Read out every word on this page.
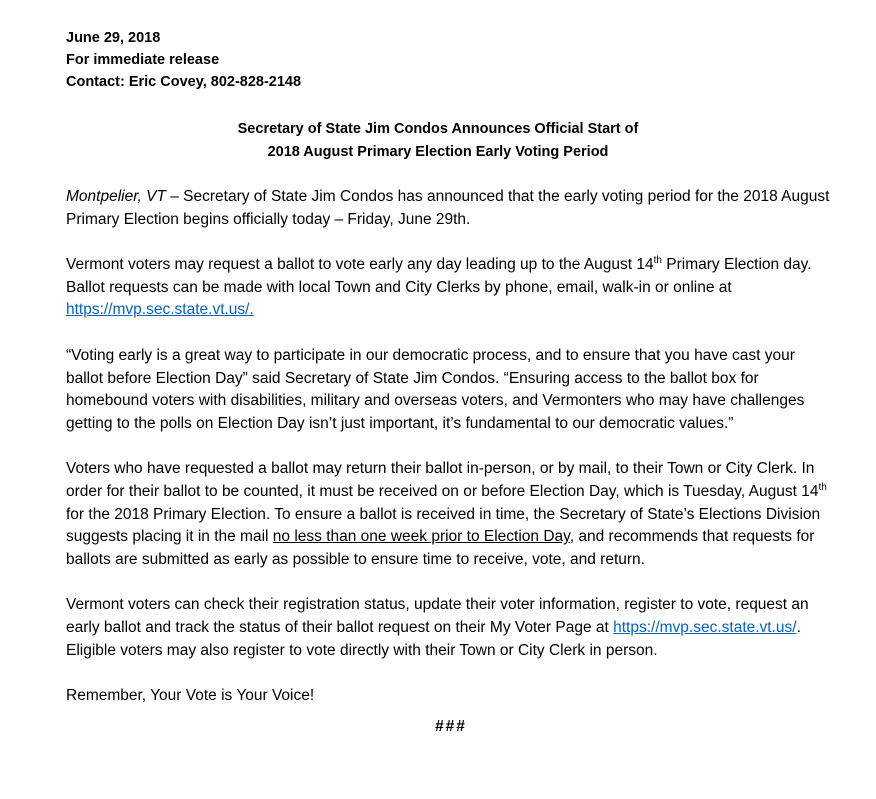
June 29, 2018

For immediate release

Contact: Eric Covey, 802-828-2148

Secretary of State Jim Condos Announces Official Start of

2018 August Primary Election Early Voting Period

Montpelier, VT – Secretary of State Jim Condos has announced that the early voting period for the 2018 August Primary Election begins officially today – Friday, June 29th.

Vermont voters may request a ballot to vote early any day leading up to the August 14th Primary Election day. Ballot requests can be made with local Town and City Clerks by phone, email, walk-in or online at https://mvp.sec.state.vt.us/.

“Voting early is a great way to participate in our democratic process, and to ensure that you have cast your ballot before Election Day” said Secretary of State Jim Condos. “Ensuring access to the ballot box for homebound voters with disabilities, military and overseas voters, and Vermonters who may have challenges getting to the polls on Election Day isn’t just important, it’s fundamental to our democratic values.”

Voters who have requested a ballot may return their ballot in-person, or by mail, to their Town or City Clerk. In order for their ballot to be counted, it must be received on or before Election Day, which is Tuesday, August 14th for the 2018 Primary Election. To ensure a ballot is received in time, the Secretary of State’s Elections Division suggests placing it in the mail no less than one week prior to Election Day, and recommends that requests for ballots are submitted as early as possible to ensure time to receive, vote, and return.

Vermont voters can check their registration status, update their voter information, register to vote, request an early ballot and track the status of their ballot request on their My Voter Page at https://mvp.sec.state.vt.us/. Eligible voters may also register to vote directly with their Town or City Clerk in person.

Remember, Your Vote is Your Voice!

###
